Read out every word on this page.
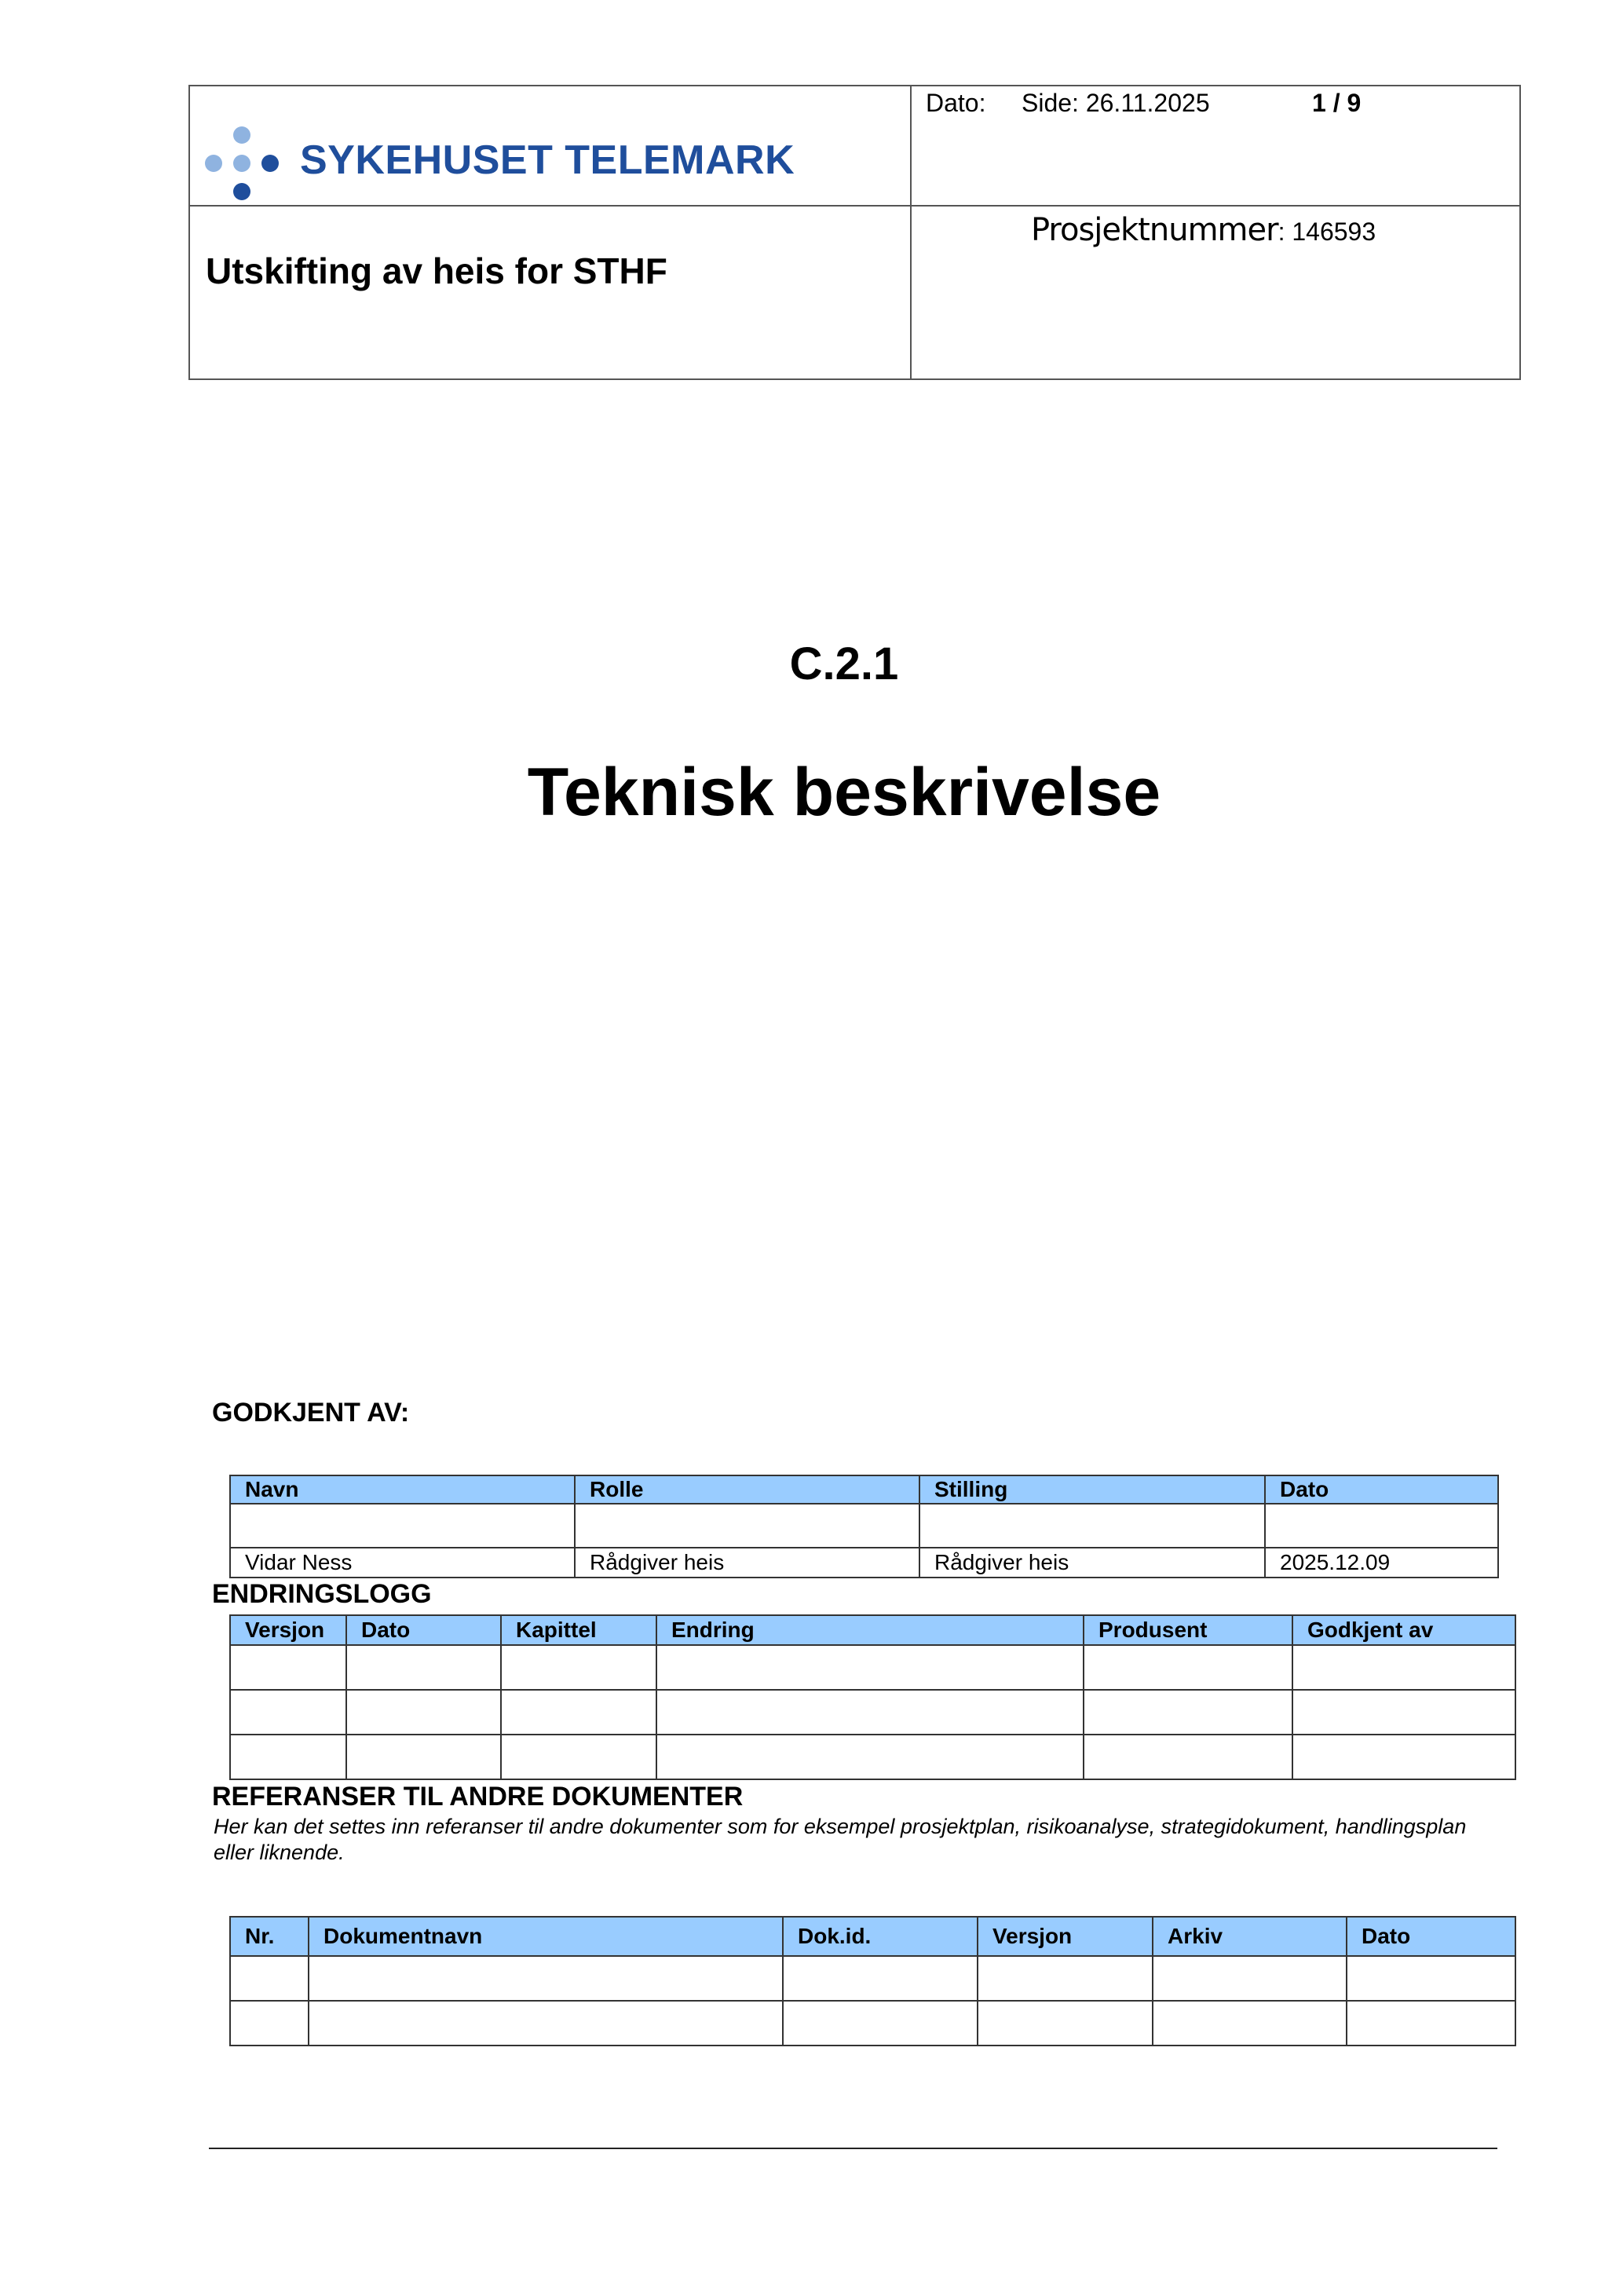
SYKEHUSET TELEMARK
Dato: Side: 26.11.2025	1 / 9
Utskifting av heis for STHF
Prosjektnummer: 146593
C.2.1
Teknisk beskrivelse
GODKJENT AV:
Navn	Rolle	Stilling	Dato

Vidar Ness	Rådgiver heis	Rådgiver heis	2025.12.09
ENDRINGSLOGG
Versjon	Dato	Kapittel	Endring	Produsent	Godkjent av

REFERANSER TIL ANDRE DOKUMENTER
Her kan det settes inn referanser til andre dokumenter som for eksempel prosjektplan, risikoanalyse, strategidokument, handlingsplan eller liknende.
Nr.	Dokumentnavn	Dok.id.	Versjon	Arkiv	Dato
